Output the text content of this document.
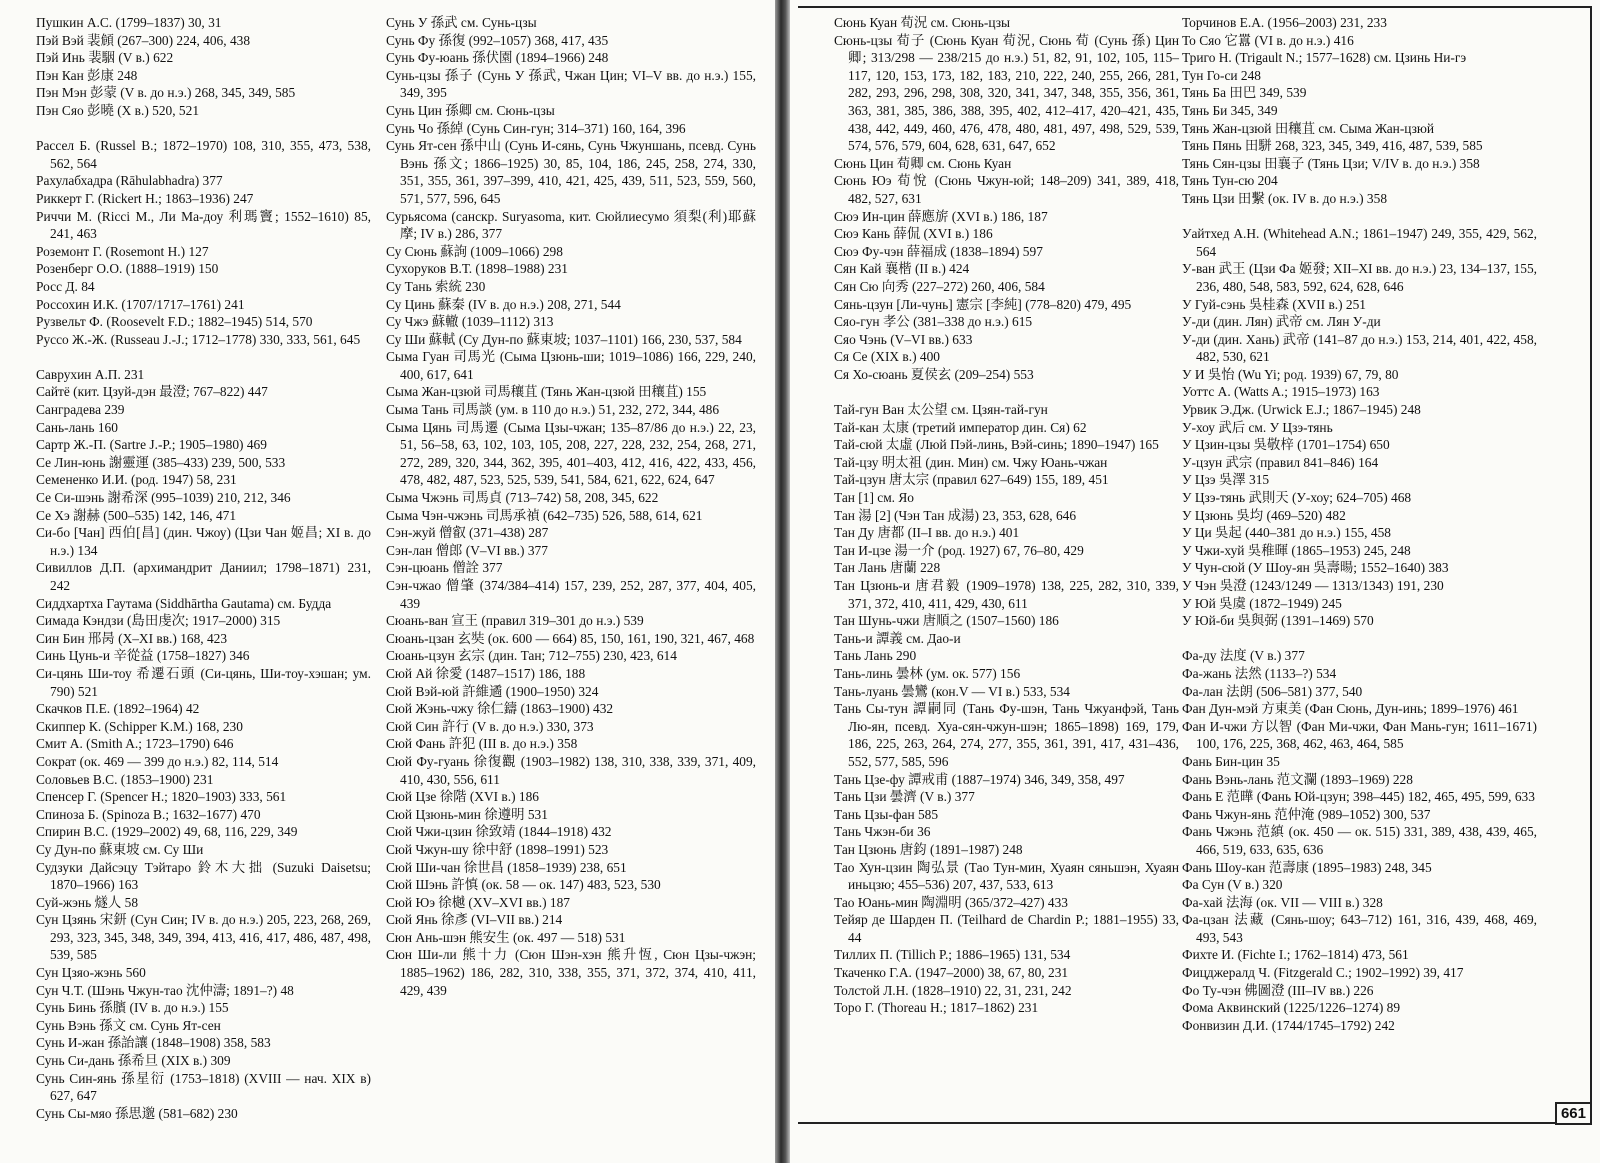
Пушкин А.С. (1799–1837) 30, 31

Пэй Вэй 裴頠 (267–300) 224, 406, 438

Пэй Инь 裴駰 (V в.) 622

Пэн Кан 彭康 248

Пэн Мэн 彭蒙 (V в. до н.э.) 268, 345, 349, 585

Пэн Сяо 彭曉 (X в.) 520, 521

Рассел Б. (Russel B.; 1872–1970) 108, 310, 355, 473, 538, 562, 564

Рахулабхадра (Rāhulabhadra) 377

Риккерт Г. (Rickert H.; 1863–1936) 247

Риччи М. (Ricci M., Ли Ма-доу 利瑪竇; 1552–1610) 85, 241, 463

Роземонт Г. (Rosemont H.) 127

Розенберг О.О. (1888–1919) 150

Росс Д. 84

Россохин И.К. (1707/1717–1761) 241

Рузвельт Ф. (Roosevelt F.D.; 1882–1945) 514, 570

Руссо Ж.-Ж. (Russeau J.-J.; 1712–1778) 330, 333, 561, 645

Саврухин А.П. 231

Сайтё (кит. Цзуй-дэн 最澄; 767–822) 447

Санградева 239

Сань-лань 160

Сартр Ж.-П. (Sartre J.-P.; 1905–1980) 469

Се Лин-юнь 謝靈運 (385–433) 239, 500, 533

Семененко И.И. (род. 1947) 58, 231

Се Си-шэнь 謝希深 (995–1039) 210, 212, 346

Се Хэ 謝赫 (500–535) 142, 146, 471

Си-бо [Чан] 西伯[昌] (дин. Чжоу) (Цзи Чан 姬昌; XI в. до н.э.) 134

Сивиллов Д.П. (архимандрит Даниил; 1798–1871) 231, 242

Сиддхартха Гаутама (Siddhārtha Gautama) см. Будда

Симада Кэндзи (島田虔次; 1917–2000) 315

Син Бин 邢昺 (X–XI вв.) 168, 423

Синь Цунь-и 辛從益 (1758–1827) 346

Си-цянь Ши-тоу 希遷石頭 (Си-цянь, Ши-тоу-хэшан; ум. 790) 521

Скачков П.Е. (1892–1964) 42

Скиппер К. (Schipper K.M.) 168, 230

Смит А. (Smith A.; 1723–1790) 646

Сократ (ок. 469 — 399 до н.э.) 82, 114, 514

Соловьев В.С. (1853–1900) 231

Спенсер Г. (Spencer H.; 1820–1903) 333, 561

Спиноза Б. (Spinoza B.; 1632–1677) 470

Спирин В.С. (1929–2002) 49, 68, 116, 229, 349

Су Дун-по 蘇東坡 см. Су Ши

Судзуки Дайсэцу Тэйтаро 鈴木大拙 (Suzuki Daisetsu; 1870–1966) 163

Суй-жэнь 燧人 58

Сун Цзянь 宋鈃 (Сун Син; IV в. до н.э.) 205, 223, 268, 269, 293, 323, 345, 348, 349, 394, 413, 416, 417, 486, 487, 498, 539, 585

Сун Цзяо-жэнь 560

Сун Ч.Т. (Шэнь Чжун-тао 沈仲濤; 1891–?) 48

Сунь Бинь 孫臏 (IV в. до н.э.) 155

Сунь Вэнь 孫文 см. Сунь Ят-сен

Сунь И-жан 孫詒讓 (1848–1908) 358, 583

Сунь Си-дань 孫希旦 (XIX в.) 309

Сунь Син-янь 孫星衍 (1753–1818) (XVIII — нач. XIX в) 627, 647

Сунь Сы-мяо 孫思邈 (581–682) 230

Сунь У 孫武 см. Сунь-цзы

Сунь Фу 孫復 (992–1057) 368, 417, 435

Сунь Фу-юань 孫伏園 (1894–1966) 248

Сунь-цзы 孫子 (Сунь У 孫武, Чжан Цин; VI–V вв. до н.э.) 155, 349, 395

Сунь Цин 孫卿 см. Сюнь-цзы

Сунь Чо 孫綽 (Сунь Син-гун; 314–371) 160, 164, 396

Сунь Ят-сен 孫中山 (Сунь И-сянь, Сунь Чжуншань, псевд. Сунь Вэнь 孫文; 1866–1925) 30, 85, 104, 186, 245, 258, 274, 330, 351, 355, 361, 397–399, 410, 421, 425, 439, 511, 523, 559, 560, 571, 577, 596, 645

Сурьясома (санскр. Suryasoma, кит. Сюйлиесумо 須梨(利)耶蘇摩; IV в.) 286, 377

Су Сюнь 蘇詢 (1009–1066) 298

Сухоруков В.Т. (1898–1988) 231

Су Тань 索統 230

Су Цинь 蘇秦 (IV в. до н.э.) 208, 271, 544

Су Чжэ 蘇轍 (1039–1112) 313

Су Ши 蘇軾 (Су Дун-по 蘇東坡; 1037–1101) 166, 230, 537, 584

Сыма Гуан 司馬光 (Сыма Цзюнь-ши; 1019–1086) 166, 229, 240, 400, 617, 641

Сыма Жан-цзюй 司馬穰苴 (Тянь Жан-цзюй 田穰苴) 155

Сыма Тань 司馬談 (ум. в 110 до н.э.) 51, 232, 272, 344, 486

Сыма Цянь 司馬遷 (Сыма Цзы-чжан; 135–87/86 до н.э.) 22, 23, 51, 56–58, 63, 102, 103, 105, 208, 227, 228, 232, 254, 268, 271, 272, 289, 320, 344, 362, 395, 401–403, 412, 416, 422, 433, 456, 478, 482, 487, 523, 525, 539, 541, 584, 621, 622, 624, 647

Сыма Чжэнь 司馬貞 (713–742) 58, 208, 345, 622

Сыма Чэн-чжэнь 司馬承禎 (642–735) 526, 588, 614, 621

Сэн-жуй 僧叡 (371–438) 287

Сэн-лан 僧郎 (V–VI вв.) 377

Сэн-цюань 僧詮 377

Сэн-чжао 僧肇 (374/384–414) 157, 239, 252, 287, 377, 404, 405, 439

Сюань-ван 宣王 (правил 319–301 до н.э.) 539

Сюань-цзан 玄奘 (ок. 600 — 664) 85, 150, 161, 190, 321, 467, 468

Сюань-цзун 玄宗 (дин. Тан; 712–755) 230, 423, 614

Сюй Ай 徐愛 (1487–1517) 186, 188

Сюй Вэй-юй 許維遹 (1900–1950) 324

Сюй Жэнь-чжу 徐仁鑄 (1863–1900) 432

Сюй Син 許行 (V в. до н.э.) 330, 373

Сюй Фань 許犯 (III в. до н.э.) 358

Сюй Фу-гуань 徐復觀 (1903–1982) 138, 310, 338, 339, 371, 409, 410, 430, 556, 611

Сюй Цзе 徐階 (XVI в.) 186

Сюй Цзюнь-мин 徐遵明 531

Сюй Чжи-цзин 徐致靖 (1844–1918) 432

Сюй Чжун-шу 徐中舒 (1898–1991) 523

Сюй Ши-чан 徐世昌 (1858–1939) 238, 651

Сюй Шэнь 許慎 (ок. 58 — ок. 147) 483, 523, 530

Сюй Юэ 徐樾 (XV–XVI вв.) 187

Сюй Янь 徐彥 (VI–VII вв.) 214

Сюн Ань-шэн 熊安生 (ок. 497 — 518) 531

Сюн Ши-ли 熊十力 (Сюн Шэн-хэн 熊升恆, Сюн Цзы-чжэн; 1885–1962) 186, 282, 310, 338, 355, 371, 372, 374, 410, 411, 429, 439

Сюнь Куан 荀況 см. Сюнь-цзы

Сюнь-цзы 荀子 (Сюнь Куан 荀況, Сюнь 荀 (Сунь 孫) Цин 卿; 313/298 — 238/215 до н.э.) 51, 82, 91, 102, 105, 115–117, 120, 153, 173, 182, 183, 210, 222, 240, 255, 266, 281, 282, 293, 296, 298, 308, 320, 341, 347, 348, 355, 356, 361, 363, 381, 385, 386, 388, 395, 402, 412–417, 420–421, 435, 438, 442, 449, 460, 476, 478, 480, 481, 497, 498, 529, 539, 574, 576, 579, 604, 628, 631, 647, 652

Сюнь Цин 荀卿 см. Сюнь Куан

Сюнь Юэ 荀悅 (Сюнь Чжун-юй; 148–209) 341, 389, 418, 482, 527, 631

Сюэ Ин-цин 薛應旂 (XVI в.) 186, 187

Сюэ Кань 薛侃 (XVI в.) 186

Сюэ Фу-чэн 薛福成 (1838–1894) 597

Сян Кай 襄楷 (II в.) 424

Сян Сю 向秀 (227–272) 260, 406, 584

Сянь-цзун [Ли-чунь] 憲宗 [李純] (778–820) 479, 495

Сяо-гун 孝公 (381–338 до н.э.) 615

Сяо Чэнь (V–VI вв.) 633

Ся Се (XIX в.) 400

Ся Хо-сюань 夏侯玄 (209–254) 553

Тай-гун Ван 太公望 см. Цзян-тай-гун

Тай-кан 太康 (третий император дин. Ся) 62

Тай-сюй 太虛 (Люй Пэй-линь, Вэй-синь; 1890–1947) 165

Тай-цзу 明太祖 (дин. Мин) см. Чжу Юань-чжан

Тай-цзун 唐太宗 (правил 627–649) 155, 189, 451

Тан [1] см. Яо

Тан 湯 [2] (Чэн Тан 成湯) 23, 353, 628, 646

Тан Ду 唐都 (II–I вв. до н.э.) 401

Тан И-цзе 湯一介 (род. 1927) 67, 76–80, 429

Тан Лань 唐蘭 228

Тан Цзюнь-и 唐君毅 (1909–1978) 138, 225, 282, 310, 339, 371, 372, 410, 411, 429, 430, 611

Тан Шунь-чжи 唐順之 (1507–1560) 186

Тань-и 譚義 см. Дао-и

Тань Лань 290

Тань-линь 曇林 (ум. ок. 577) 156

Тань-луань 曇鸞 (кон.V — VI в.) 533, 534

Тань Сы-тун 譚嗣同 (Тань Фу-шэн, Тань Чжуанфэй, Тань Лю-ян, псевд. Хуа-сян-чжун-шэн; 1865–1898) 169, 179, 186, 225, 263, 264, 274, 277, 355, 361, 391, 417, 431–436, 552, 577, 585, 596

Тань Цзе-фу 譚戒甫 (1887–1974) 346, 349, 358, 497

Тань Цзи 曇濟 (V в.) 377

Тань Цзы-фан 585

Тань Чжэн-би 36

Тан Цзюнь 唐鈞 (1891–1987) 248

Тао Хун-цзин 陶弘景 (Тао Тун-мин, Хуаян сяньшэн, Хуаян иньцзю; 455–536) 207, 437, 533, 613

Тао Юань-мин 陶淵明 (365/372–427) 433

Тейяр де Шарден П. (Teilhard de Chardin P.; 1881–1955) 33, 44

Тиллих П. (Tillich P.; 1886–1965) 131, 534

Ткаченко Г.А. (1947–2000) 38, 67, 80, 231

Толстой Л.Н. (1828–1910) 22, 31, 231, 242

Торо Г. (Thoreau H.; 1817–1862) 231

Торчинов Е.А. (1956–2003) 231, 233

То Сяо 它囂 (VI в. до н.э.) 416

Триго Н. (Trigault N.; 1577–1628) см. Цзинь Ни-гэ

Тун Го-си 248

Тянь Ба 田巴 349, 539

Тянь Би 345, 349

Тянь Жан-цзюй 田穰苴 см. Сыма Жан-цзюй

Тянь Пянь 田駢 268, 323, 345, 349, 416, 487, 539, 585

Тянь Сян-цзы 田襄子 (Тянь Цзи; V/IV в. до н.э.) 358

Тянь Тун-сю 204

Тянь Цзи 田繫 (ок. IV в. до н.э.) 358

Уайтхед А.Н. (Whitehead A.N.; 1861–1947) 249, 355, 429, 562, 564

У-ван 武王 (Цзи Фа 姬發; XII–XI вв. до н.э.) 23, 134–137, 155, 236, 480, 548, 583, 592, 624, 628, 646

У Гуй-сэнь 吳桂森 (XVII в.) 251

У-ди (дин. Лян) 武帝 см. Лян У-ди

У-ди (дин. Хань) 武帝 (141–87 до н.э.) 153, 214, 401, 422, 458, 482, 530, 621

У И 吳怡 (Wu Yi; род. 1939) 67, 79, 80

Уоттс А. (Watts A.; 1915–1973) 163

Урвик Э.Дж. (Urwick E.J.; 1867–1945) 248

У-хоу 武后 см. У Цзэ-тянь

У Цзин-цзы 吳敬梓 (1701–1754) 650

У-цзун 武宗 (правил 841–846) 164

У Цзэ 吳澤 315

У Цзэ-тянь 武則天 (У-хоу; 624–705) 468

У Цзюнь 吳均 (469–520) 482

У Ци 吳起 (440–381 до н.э.) 155, 458

У Чжи-хуй 吳稚暉 (1865–1953) 245, 248

У Чун-сюй (У Шоу-ян 吳壽暘; 1552–1640) 383

У Чэн 吳澄 (1243/1249 — 1313/1343) 191, 230

У Юй 吳虞 (1872–1949) 245

У Юй-би 吳與弼 (1391–1469) 570

Фа-ду 法度 (V в.) 377

Фа-жань 法然 (1133–?) 534

Фа-лан 法朗 (506–581) 377, 540

Фан Дун-мэй 方東美 (Фан Сюнь, Дун-инь; 1899–1976) 461

Фан И-чжи 方以智 (Фан Ми-чжи, Фан Мань-гун; 1611–1671) 100, 176, 225, 368, 462, 463, 464, 585

Фань Бин-цин 35

Фань Вэнь-лань 范文瀾 (1893–1969) 228

Фань Е 范曄 (Фань Юй-цзун; 398–445) 182, 465, 495, 599, 633

Фань Чжун-янь 范仲淹 (989–1052) 300, 537

Фань Чжэнь 范縝 (ок. 450 — ок. 515) 331, 389, 438, 439, 465, 466, 519, 633, 635, 636

Фань Шоу-кан 范壽康 (1895–1983) 248, 345

Фа Сун (V в.) 320

Фа-хай 法海 (ок. VII — VIII в.) 328

Фа-цзан 法藏 (Сянь-шоу; 643–712) 161, 316, 439, 468, 469, 493, 543

Фихте И. (Fichte I.; 1762–1814) 473, 561

Фицджералд Ч. (Fitzgerald C.; 1902–1992) 39, 417

Фо Ту-чэн 佛圖澄 (III–IV вв.) 226

Фома Аквинский (1225/1226–1274) 89

Фонвизин Д.И. (1744/1745–1792) 242

661
